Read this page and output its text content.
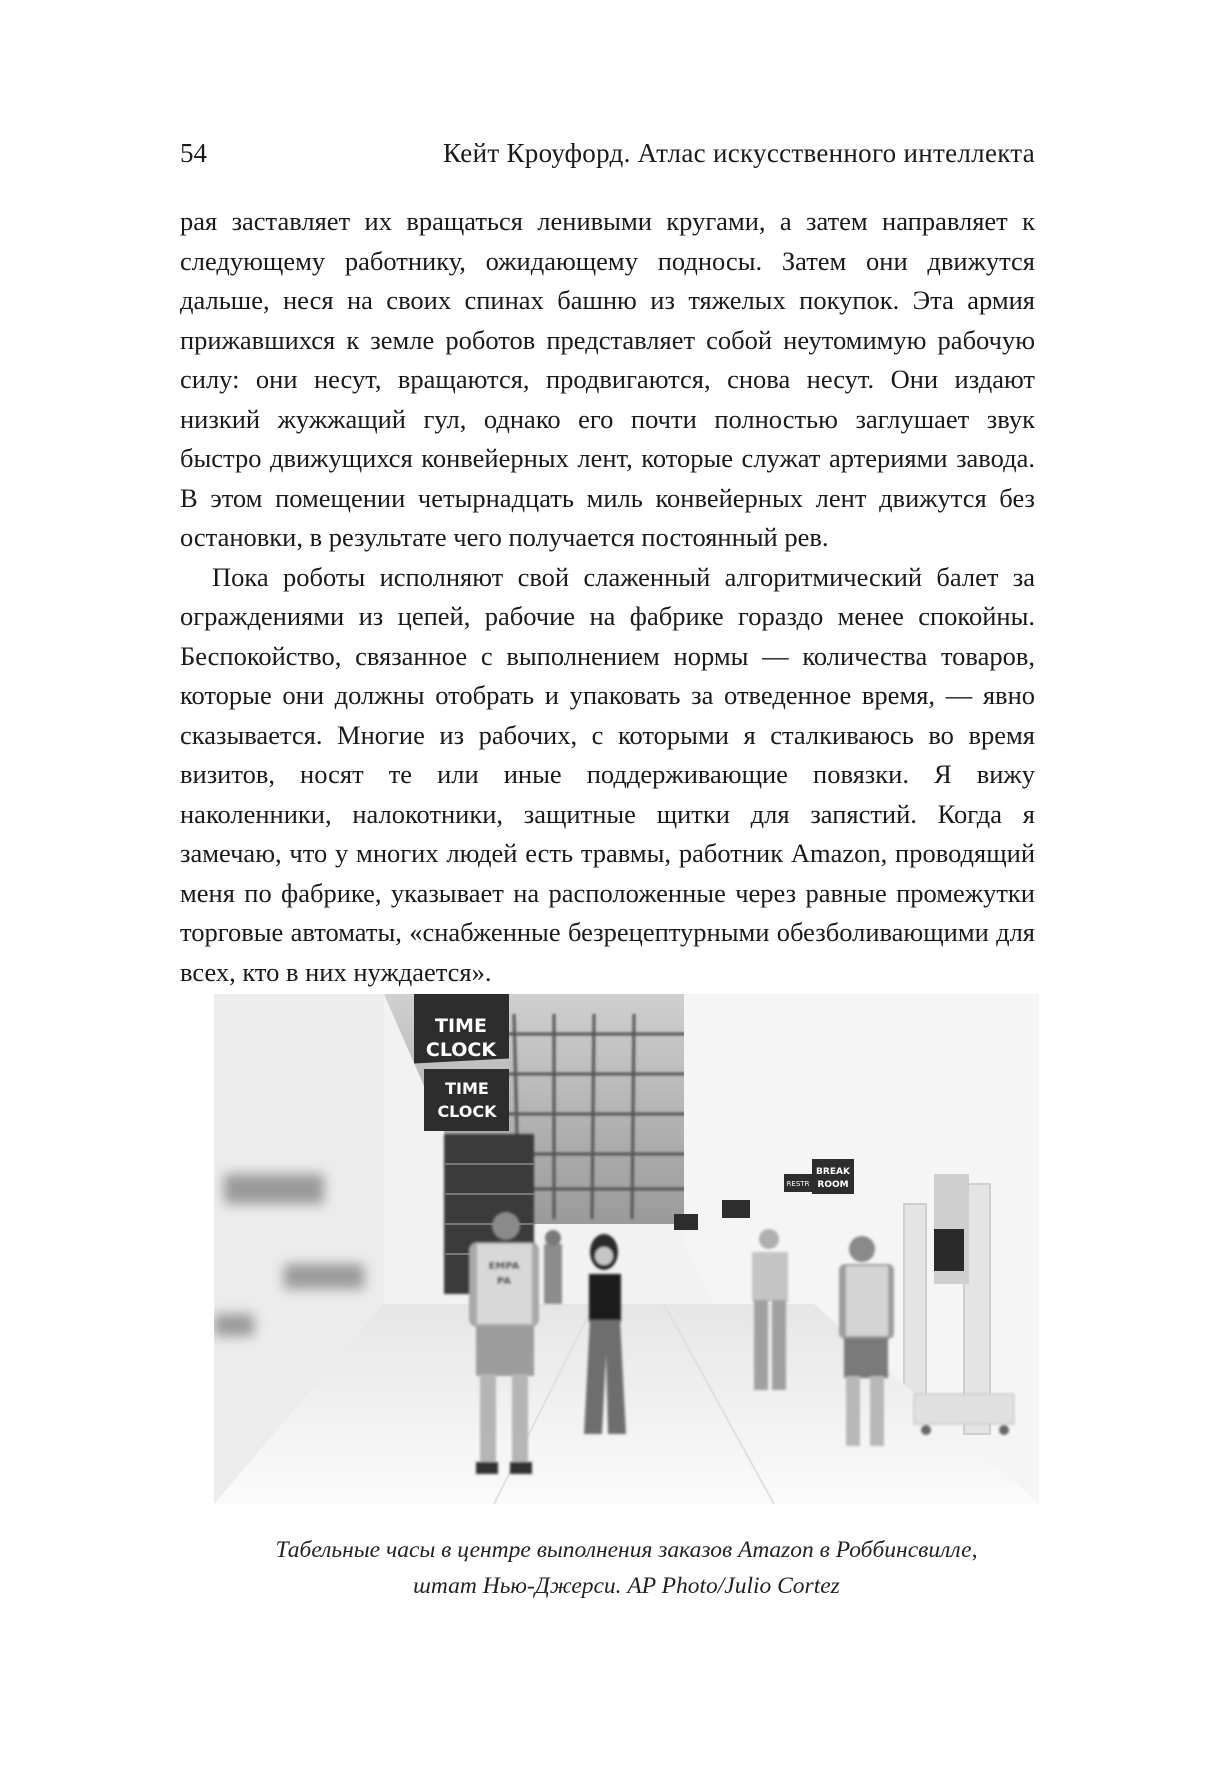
54	Кейт Кроуфорд. Атлас искусственного интеллекта

рая заставляет их вращаться ленивыми кругами, а затем направляет к следующему работнику, ожидающему подносы. Затем они движутся дальше, неся на своих спинах башню из тяжелых покупок. Эта армия прижавшихся к земле роботов представляет собой неутомимую рабочую силу: они несут, вращаются, продвигаются, снова несут. Они издают низкий жужжащий гул, однако его почти полностью заглушает звук быстро движущихся конвейерных лент, которые служат артериями завода. В этом помещении четырнадцать миль конвейерных лент движутся без остановки, в результате чего получается постоянный рев.

Пока роботы исполняют свой слаженный алгоритмический балет за ограждениями из цепей, рабочие на фабрике гораздо менее спокойны. Беспокойство, связанное с выполнением нормы — количества товаров, которые они должны отобрать и упаковать за отведенное время, — явно сказывается. Многие из рабочих, с которыми я сталкиваюсь во время визитов, носят те или иные поддерживающие повязки. Я вижу наколенники, налокотники, защитные щитки для запястий. Когда я замечаю, что у многих людей есть травмы, работник Amazon, проводящий меня по фабрике, указывает на расположенные через равные промежутки торговые автоматы, «снабженные безрецептурными обезболивающими для всех, кто в них нуждается».

TIME
CLOCK
TIME
CLOCK
BREAK
ROOM
RESTR
EMPA
PA
Табельные часы в центре выполнения заказов Amazon в Роббинсвилле,
штат Нью-Джерси. AP Photo/Julio Cortez
